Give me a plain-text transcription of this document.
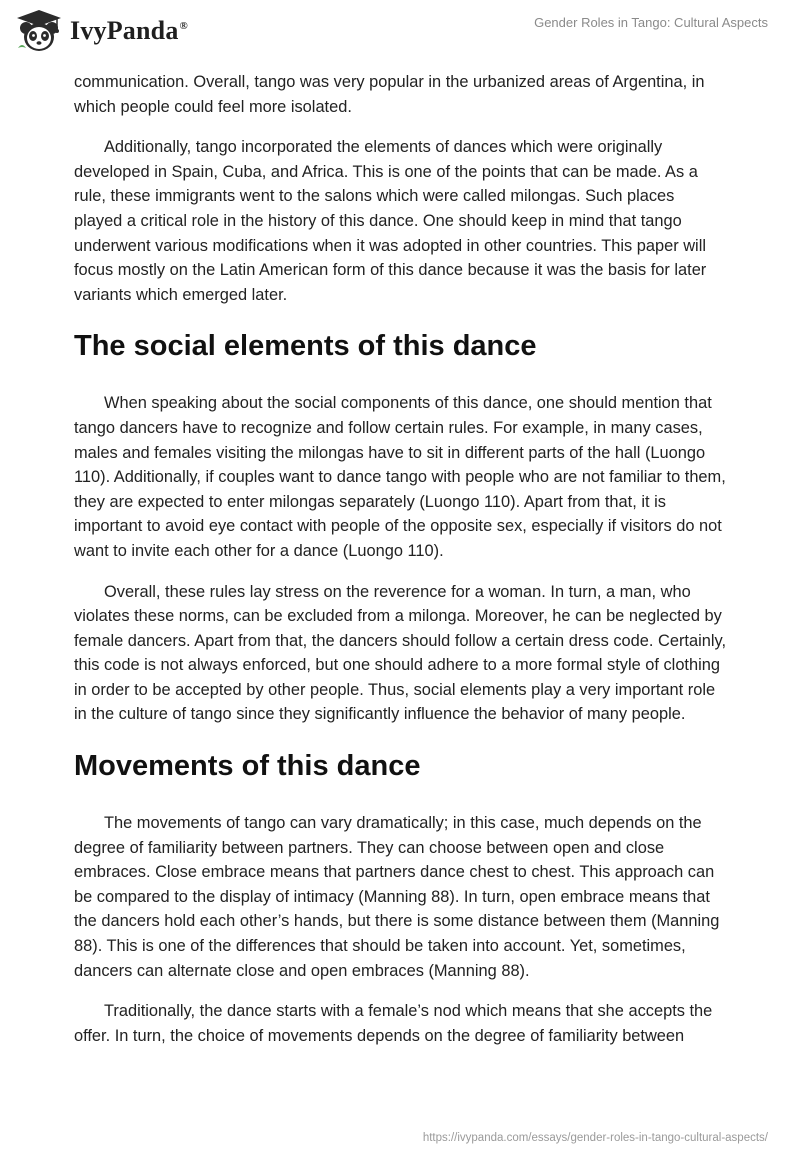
IvyPanda®	Gender Roles in Tango: Cultural Aspects

communication. Overall, tango was very popular in the urbanized areas of Argentina, in which people could feel more isolated.

Additionally, tango incorporated the elements of dances which were originally developed in Spain, Cuba, and Africa. This is one of the points that can be made. As a rule, these immigrants went to the salons which were called milongas. Such places played a critical role in the history of this dance. One should keep in mind that tango underwent various modifications when it was adopted in other countries. This paper will focus mostly on the Latin American form of this dance because it was the basis for later variants which emerged later.

The social elements of this dance

When speaking about the social components of this dance, one should mention that tango dancers have to recognize and follow certain rules. For example, in many cases, males and females visiting the milongas have to sit in different parts of the hall (Luongo 110). Additionally, if couples want to dance tango with people who are not familiar to them, they are expected to enter milongas separately (Luongo 110). Apart from that, it is important to avoid eye contact with people of the opposite sex, especially if visitors do not want to invite each other for a dance (Luongo 110).

Overall, these rules lay stress on the reverence for a woman. In turn, a man, who violates these norms, can be excluded from a milonga. Moreover, he can be neglected by female dancers. Apart from that, the dancers should follow a certain dress code. Certainly, this code is not always enforced, but one should adhere to a more formal style of clothing in order to be accepted by other people. Thus, social elements play a very important role in the culture of tango since they significantly influence the behavior of many people.

Movements of this dance

The movements of tango can vary dramatically; in this case, much depends on the degree of familiarity between partners. They can choose between open and close embraces. Close embrace means that partners dance chest to chest. This approach can be compared to the display of intimacy (Manning 88). In turn, open embrace means that the dancers hold each other’s hands, but there is some distance between them (Manning 88). This is one of the differences that should be taken into account. Yet, sometimes, dancers can alternate close and open embraces (Manning 88).

Traditionally, the dance starts with a female’s nod which means that she accepts the offer. In turn, the choice of movements depends on the degree of familiarity between

https://ivypanda.com/essays/gender-roles-in-tango-cultural-aspects/
